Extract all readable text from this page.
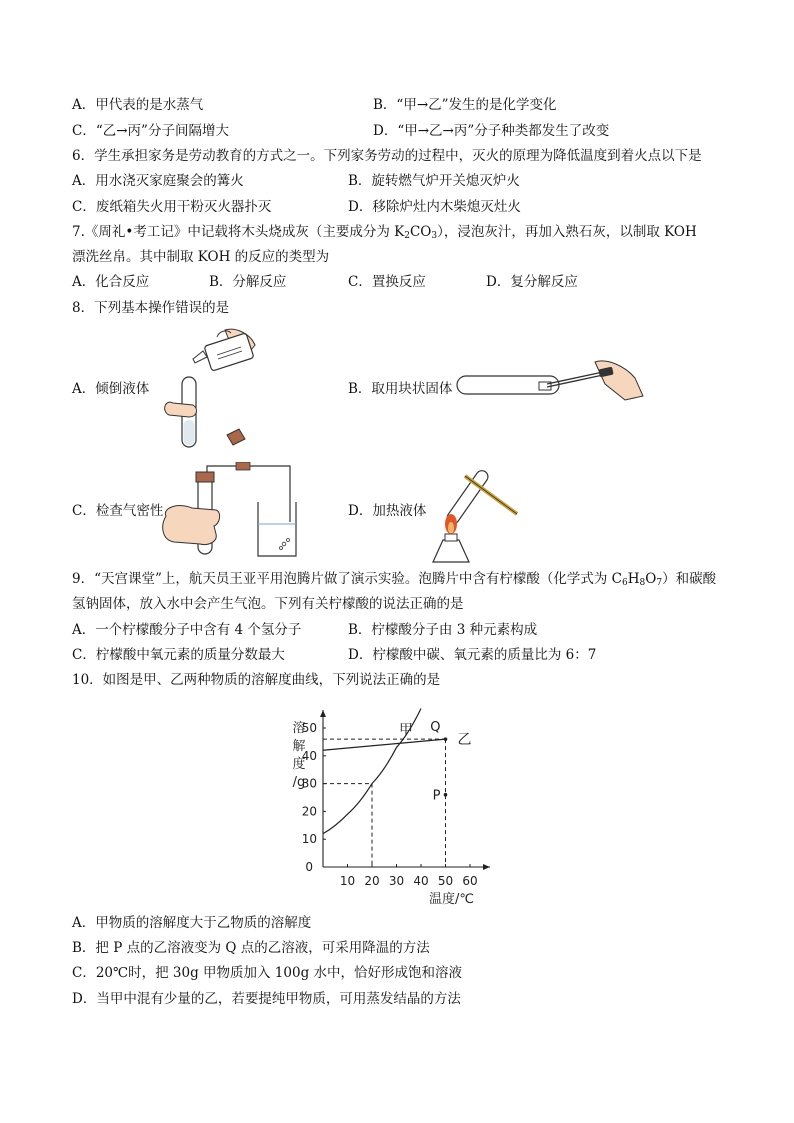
A．甲代表的是水蒸气	B．“甲→乙”发生的是化学变化
C．“乙→丙”分子间隔增大	D．“甲→乙→丙”分子种类都发生了改变
6．学生承担家务是劳动教育的方式之一。下列家务劳动的过程中，灭火的原理为降低温度到着火点以下是
A．用水浇灭家庭聚会的篝火	B．旋转燃气炉开关熄灭炉火
C．废纸箱失火用干粉灭火器扑灭	D．移除炉灶内木柴熄灭灶火
7.《周礼•考工记》中记载将木头烧成灰（主要成分为 $K_2CO_3$），浸泡灰汁，再加入熟石灰，以制取 KOH
漂洗丝帛。其中制取 KOH 的反应的类型为
A．化合反应	B．分解反应	C．置换反应	D．复分解反应
8．下列基本操作错误的是
A．倾倒液体	B．取用块状固体
C．检查气密性	D．加热液体
9．“天宫课堂”上，航天员王亚平用泡腾片做了演示实验。泡腾片中含有柠檬酸（化学式为 $C_6H_8O_7$）和碳酸
氢钠固体，放入水中会产生气泡。下列有关柠檬酸的说法正确的是
A．一个柠檬酸分子中含有 4 个氢分子	B．柠檬酸分子由 3 种元素构成
C．柠檬酸中氧元素的质量分数最大	D．柠檬酸中碳、氧元素的质量比为 6：7
10．如图是甲、乙两种物质的溶解度曲线，下列说法正确的是
10 20 30 40 50 60
10
20
30
40
50
0
溶
解
度
/g
温度/℃
甲
乙
Q
P
A．甲物质的溶解度大于乙物质的溶解度
B．把 P 点的乙溶液变为 Q 点的乙溶液，可采用降温的方法
C．20℃时，把 30g 甲物质加入 100g 水中，恰好形成饱和溶液
D．当甲中混有少量的乙，若要提纯甲物质，可用蒸发结晶的方法
